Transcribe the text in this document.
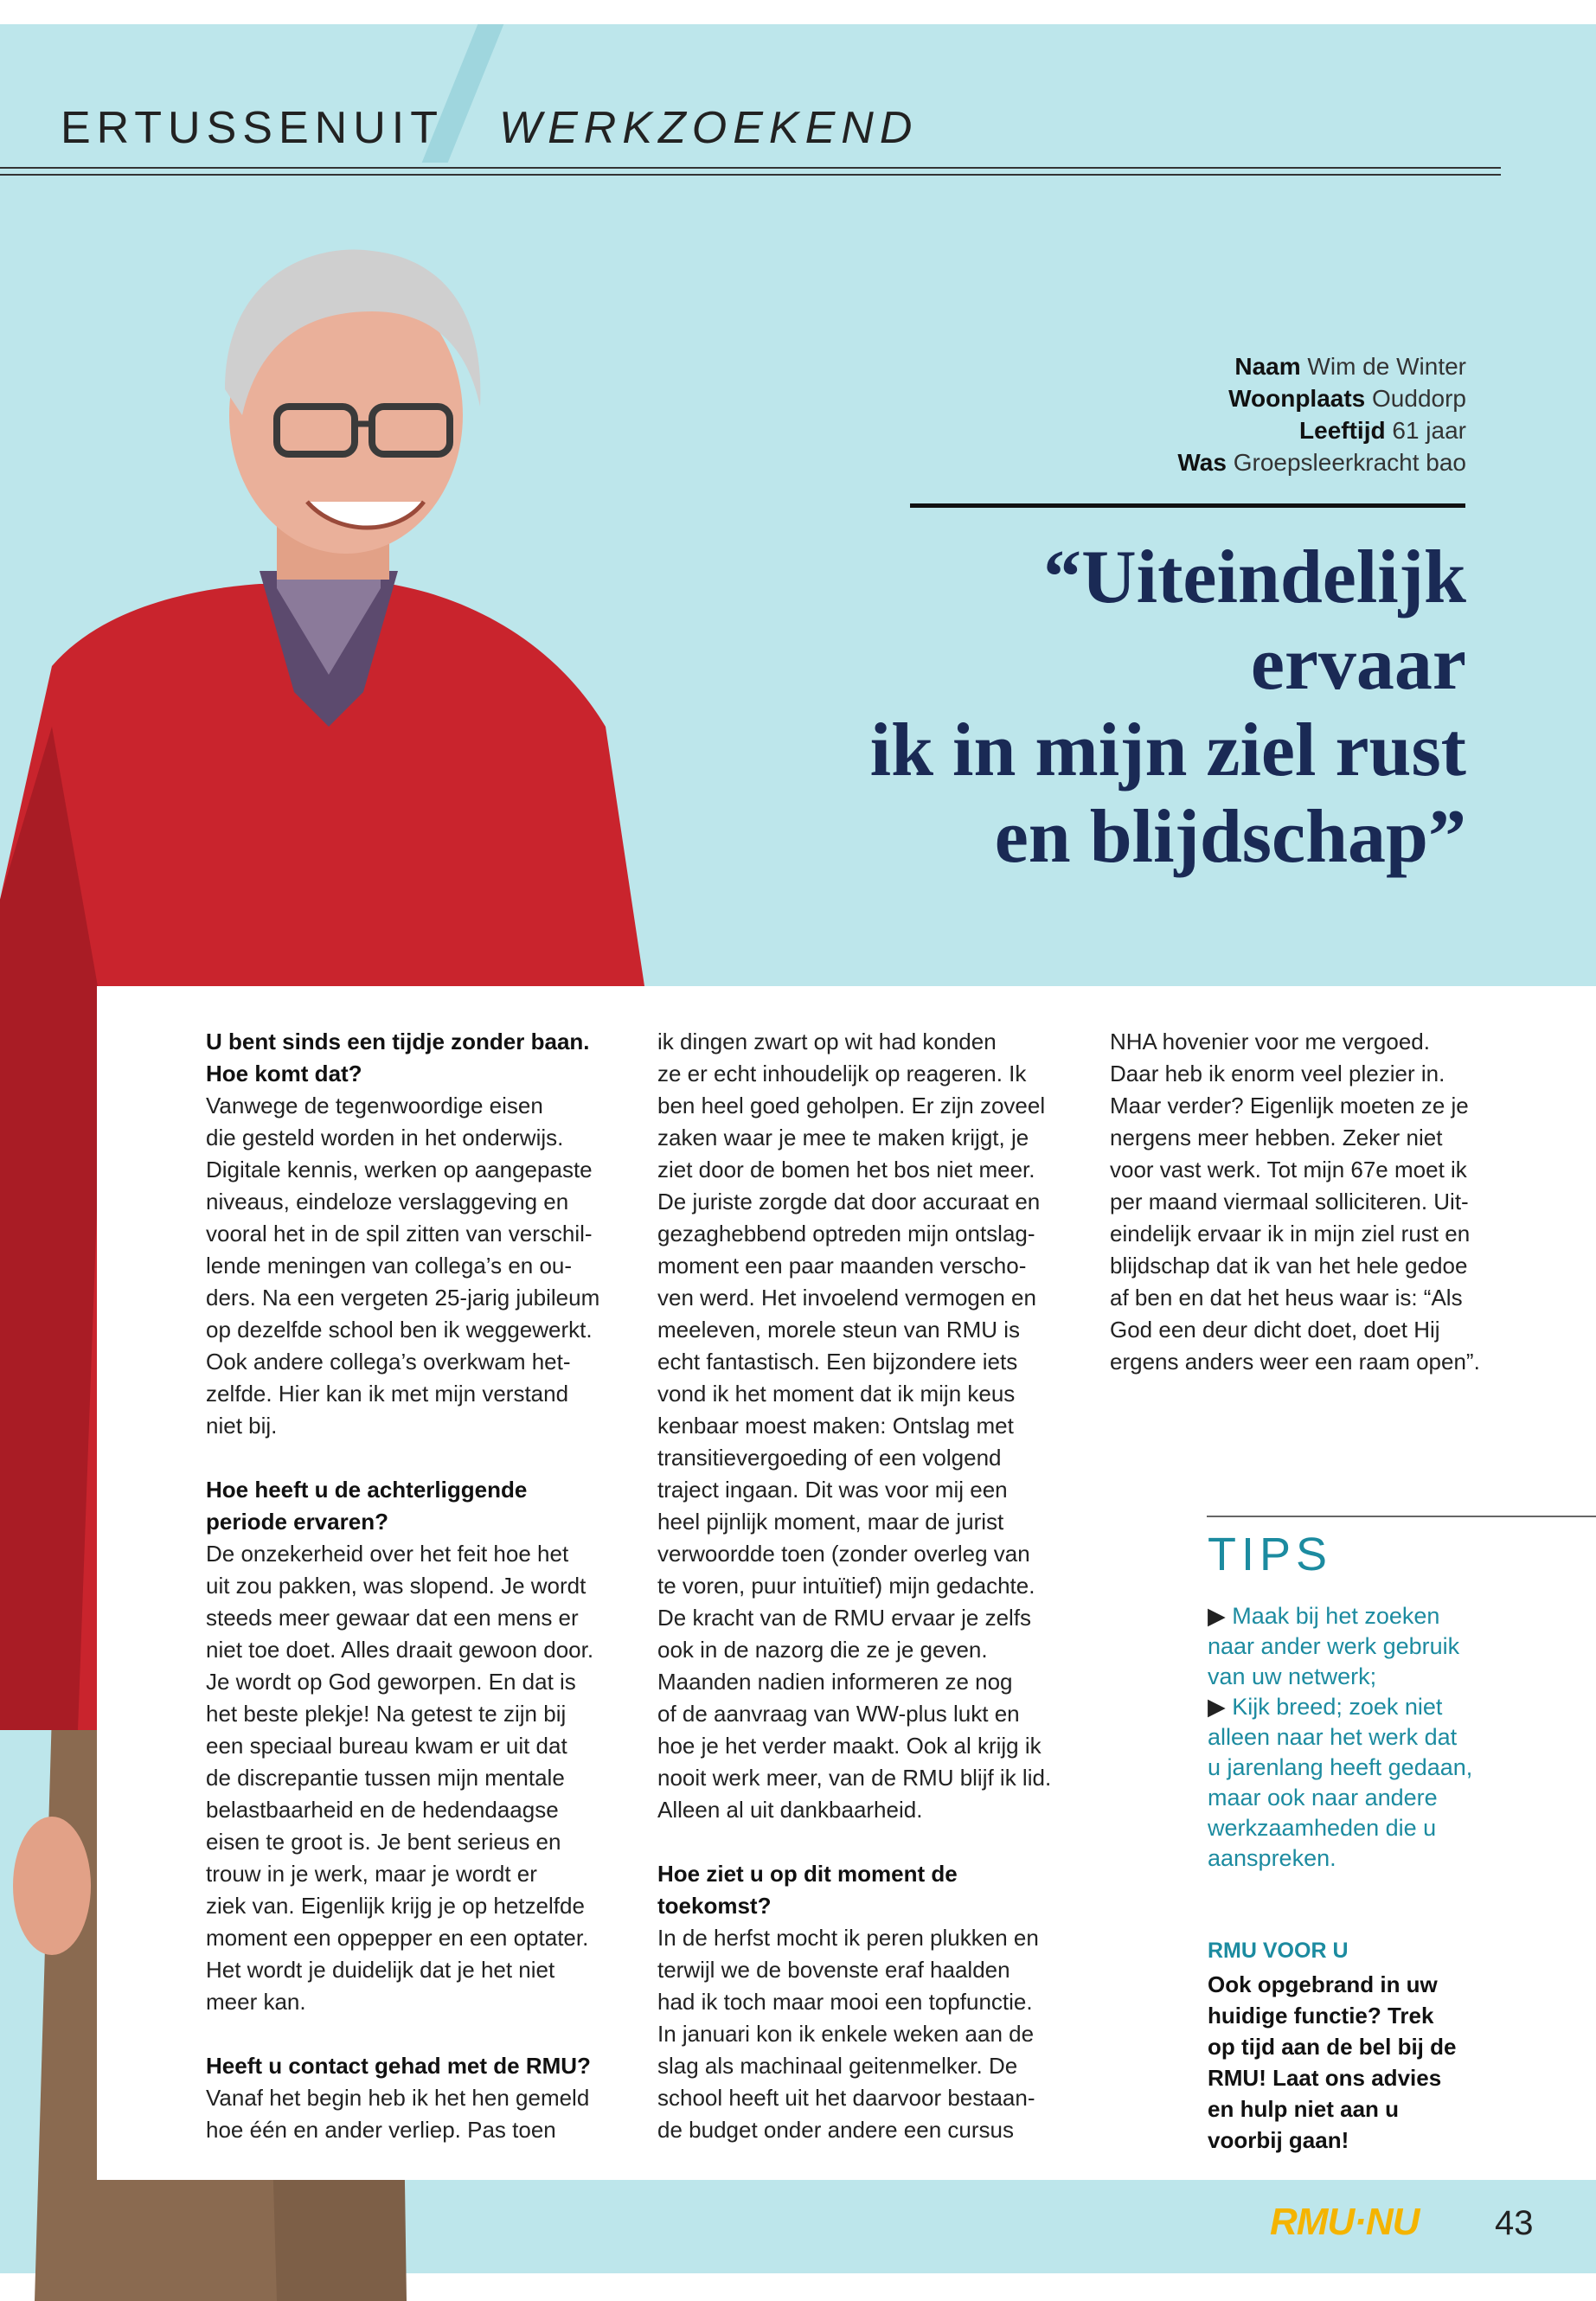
ERTUSSENUIT WERKZOEKEND
Naam Wim de Winter
Woonplaats Ouddorp
Leeftijd 61 jaar
Was Groepsleerkracht bao
“Uiteindelijk ervaar
ik in mijn ziel rust
en blijdschap”

U bent sinds een tijdje zonder baan.
Hoe komt dat?

Vanwege de tegenwoordige eisen
die gesteld worden in het onderwijs.
Digitale kennis, werken op aangepaste
niveaus, eindeloze verslaggeving en
vooral het in de spil zitten van verschil-
lende meningen van collega’s en ou-
ders. Na een vergeten 25-jarig jubileum
op dezelfde school ben ik weggewerkt.
Ook andere collega’s overkwam het-
zelfde. Hier kan ik met mijn verstand
niet bij.

Hoe heeft u de achterliggende
periode ervaren?

De onzekerheid over het feit hoe het
uit zou pakken, was slopend. Je wordt
steeds meer gewaar dat een mens er
niet toe doet. Alles draait gewoon door.
Je wordt op God geworpen. En dat is
het beste plekje! Na getest te zijn bij
een speciaal bureau kwam er uit dat
de discrepantie tussen mijn mentale
belastbaarheid en de hedendaagse
eisen te groot is. Je bent serieus en
trouw in je werk, maar je wordt er
ziek van. Eigenlijk krijg je op hetzelfde
moment een oppepper en een optater.
Het wordt je duidelijk dat je het niet
meer kan.

Heeft u contact gehad met de RMU?

Vanaf het begin heb ik het hen gemeld
hoe één en ander verliep. Pas toen

ik dingen zwart op wit had konden
ze er echt inhoudelijk op reageren. Ik
ben heel goed geholpen. Er zijn zoveel
zaken waar je mee te maken krijgt, je
ziet door de bomen het bos niet meer.
De juriste zorgde dat door accuraat en
gezaghebbend optreden mijn ontslag-
moment een paar maanden verscho-
ven werd. Het invoelend vermogen en
meeleven, morele steun van RMU is
echt fantastisch. Een bijzondere iets
vond ik het moment dat ik mijn keus
kenbaar moest maken: Ontslag met
transitievergoeding of een volgend
traject ingaan. Dit was voor mij een
heel pijnlijk moment, maar de jurist
verwoordde toen (zonder overleg van
te voren, puur intuïtief) mijn gedachte.
De kracht van de RMU ervaar je zelfs
ook in de nazorg die ze je geven.
Maanden nadien informeren ze nog
of de aanvraag van WW-plus lukt en
hoe je het verder maakt. Ook al krijg ik
nooit werk meer, van de RMU blijf ik lid.
Alleen al uit dankbaarheid.

Hoe ziet u op dit moment de
toekomst?

In de herfst mocht ik peren plukken en
terwijl we de bovenste eraf haalden
had ik toch maar mooi een topfunctie.
In januari kon ik enkele weken aan de
slag als machinaal geitenmelker. De
school heeft uit het daarvoor bestaan-
de budget onder andere een cursus

NHA hovenier voor me vergoed.
Daar heb ik enorm veel plezier in.
Maar verder? Eigenlijk moeten ze je
nergens meer hebben. Zeker niet
voor vast werk. Tot mijn 67e moet ik
per maand viermaal solliciteren. Uit-
eindelijk ervaar ik in mijn ziel rust en
blijdschap dat ik van het hele gedoe
af ben en dat het heus waar is: “Als
God een deur dicht doet, doet Hij
ergens anders weer een raam open”.

TIPS

▶ Maak bij het zoeken
naar ander werk gebruik
van uw netwerk;

▶ Kijk breed; zoek niet
alleen naar het werk dat
u jarenlang heeft gedaan,
maar ook naar andere
werkzaamheden die u
aanspreken.

RMU VOOR U
Ook opgebrand in uw
huidige functie? Trek
op tijd aan de bel bij de
RMU! Laat ons advies
en hulp niet aan u
voorbij gaan!
RMU·NU 43
